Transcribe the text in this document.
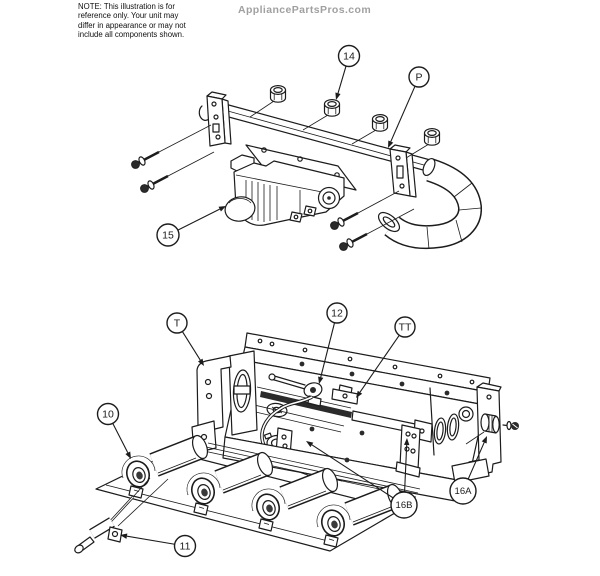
NOTE: This illustration is for
reference only. Your unit may
differ in appearance or may not
include all components shown.
AppliancePartsPros.com
14
P
15
T
12
TT
10
16B
16A
11
